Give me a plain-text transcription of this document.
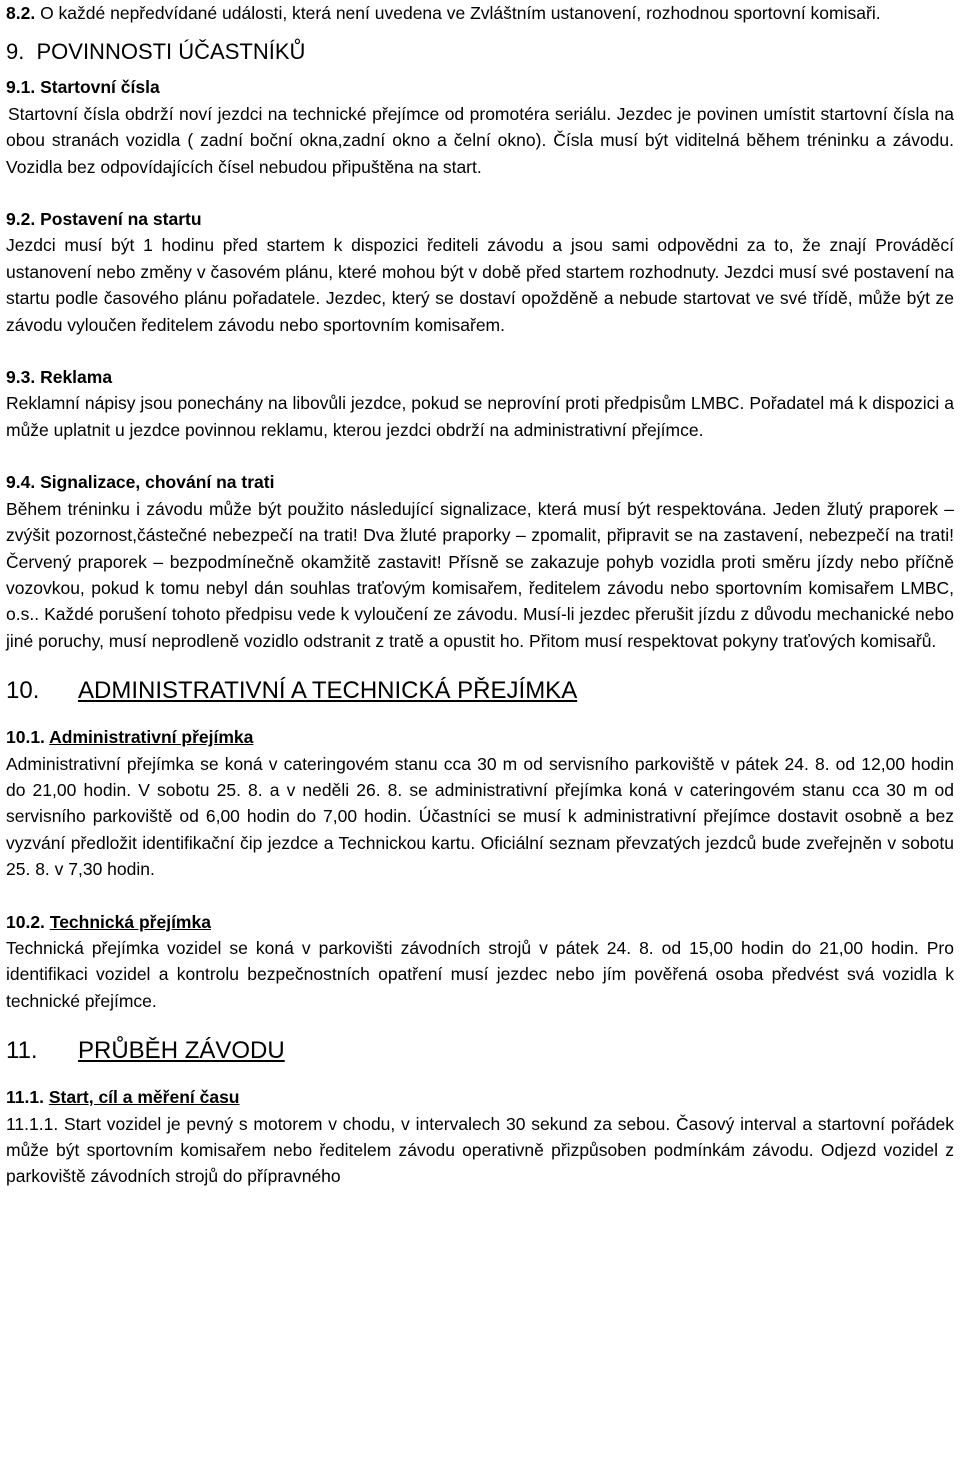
8.2. O každé nepředvídané události, která není uvedena ve Zvláštním ustanovení, rozhodnou sportovní komisaři.

9. POVINNOSTI ÚČASTNÍKŮ
9.1. Startovní čísla

Startovní čísla obdrží noví jezdci na technické přejímce od promotéra seriálu. Jezdec je povinen umístit startovní čísla na obou stranách vozidla ( zadní boční okna,zadní okno a čelní okno). Čísla musí být viditelná během tréninku a závodu. Vozidla bez odpovídajících čísel nebudou připuštěna na start.

9.2. Postavení na startu

Jezdci musí být 1 hodinu před startem k dispozici řediteli závodu a jsou sami odpovědni za to, že znají Prováděcí ustanovení nebo změny v časovém plánu, které mohou být v době před startem rozhodnuty. Jezdci musí své postavení na startu podle časového plánu pořadatele. Jezdec, který se dostaví opožděně a nebude startovat ve své třídě, může být ze závodu vyloučen ředitelem závodu nebo sportovním komisařem.

9.3. Reklama

Reklamní nápisy jsou ponechány na libovůli jezdce, pokud se neprovíní proti předpisům LMBC. Pořadatel má k dispozici a může uplatnit u jezdce povinnou reklamu, kterou jezdci obdrží na administrativní přejímce.

9.4. Signalizace, chování na trati

Během tréninku i závodu může být použito následující signalizace, která musí být respektována. Jeden žlutý praporek – zvýšit pozornost,částečné nebezpečí na trati! Dva žluté praporky – zpomalit, připravit se na zastavení, nebezpečí na trati! Červený praporek – bezpodmínečně okamžitě zastavit! Přísně se zakazuje pohyb vozidla proti směru jízdy nebo příčně vozovkou, pokud k tomu nebyl dán souhlas traťovým komisařem, ředitelem závodu nebo sportovním komisařem LMBC, o.s.. Každé porušení tohoto předpisu vede k vyloučení ze závodu. Musí-li jezdec přerušit jízdu z důvodu mechanické nebo jiné poruchy, musí neprodleně vozidlo odstranit z tratě a opustit ho. Přitom musí respektovat pokyny traťových komisařů.

10. ADMINISTRATIVNÍ A TECHNICKÁ PŘEJÍMKA
10.1. Administrativní přejímka

Administrativní přejímka se koná v cateringovém stanu cca 30 m od servisního parkoviště v pátek 24. 8. od 12,00 hodin do 21,00 hodin. V sobotu 25. 8. a v neděli 26. 8. se administrativní přejímka koná v cateringovém stanu cca 30 m od servisního parkoviště od 6,00 hodin do 7,00 hodin. Účastníci se musí k administrativní přejímce dostavit osobně a bez vyzvání předložit identifikační čip jezdce a Technickou kartu. Oficiální seznam převzatých jezdců bude zveřejněn v sobotu 25. 8. v 7,30 hodin.

10.2. Technická přejímka

Technická přejímka vozidel se koná v parkovišti závodních strojů v pátek 24. 8. od 15,00 hodin do 21,00 hodin. Pro identifikaci vozidel a kontrolu bezpečnostních opatření musí jezdec nebo jím pověřená osoba předvést svá vozidla k technické přejímce.

11. PRŮBĚH ZÁVODU
11.1. Start, cíl a měření času

11.1.1. Start vozidel je pevný s motorem v chodu, v intervalech 30 sekund za sebou. Časový interval a startovní pořádek může být sportovním komisařem nebo ředitelem závodu operativně přizpůsoben podmínkám závodu. Odjezd vozidel z parkoviště závodních strojů do přípravného
